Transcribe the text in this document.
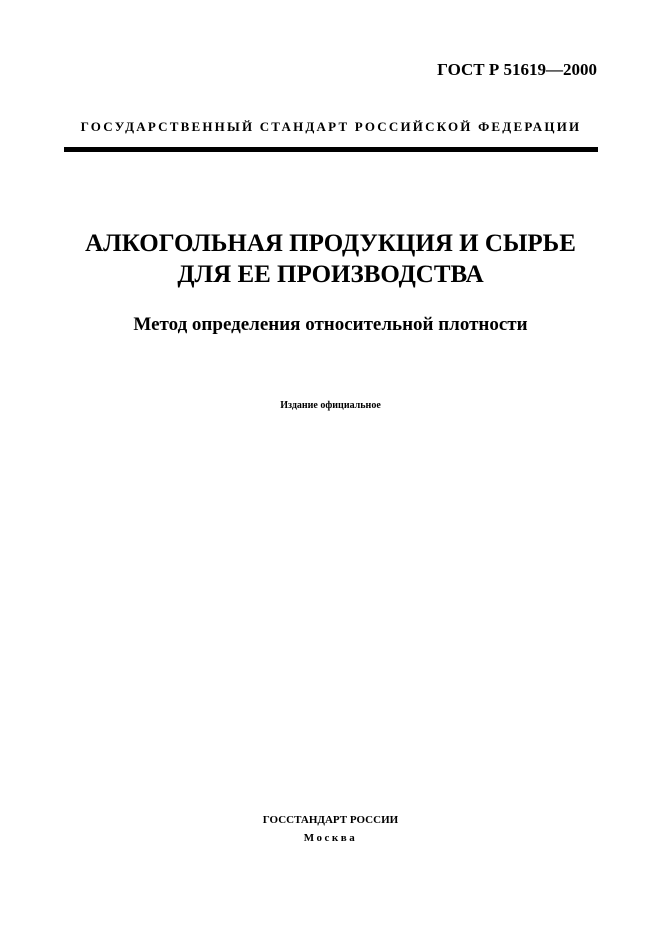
ГОСТ Р 51619—2000
ГОСУДАРСТВЕННЫЙ СТАНДАРТ РОССИЙСКОЙ ФЕДЕРАЦИИ
АЛКОГОЛЬНАЯ ПРОДУКЦИЯ И СЫРЬЕ
ДЛЯ ЕЕ ПРОИЗВОДСТВА
Метод определения относительной плотности
Издание официальное
ГОССТАНДАРТ РОССИИ
Москва
